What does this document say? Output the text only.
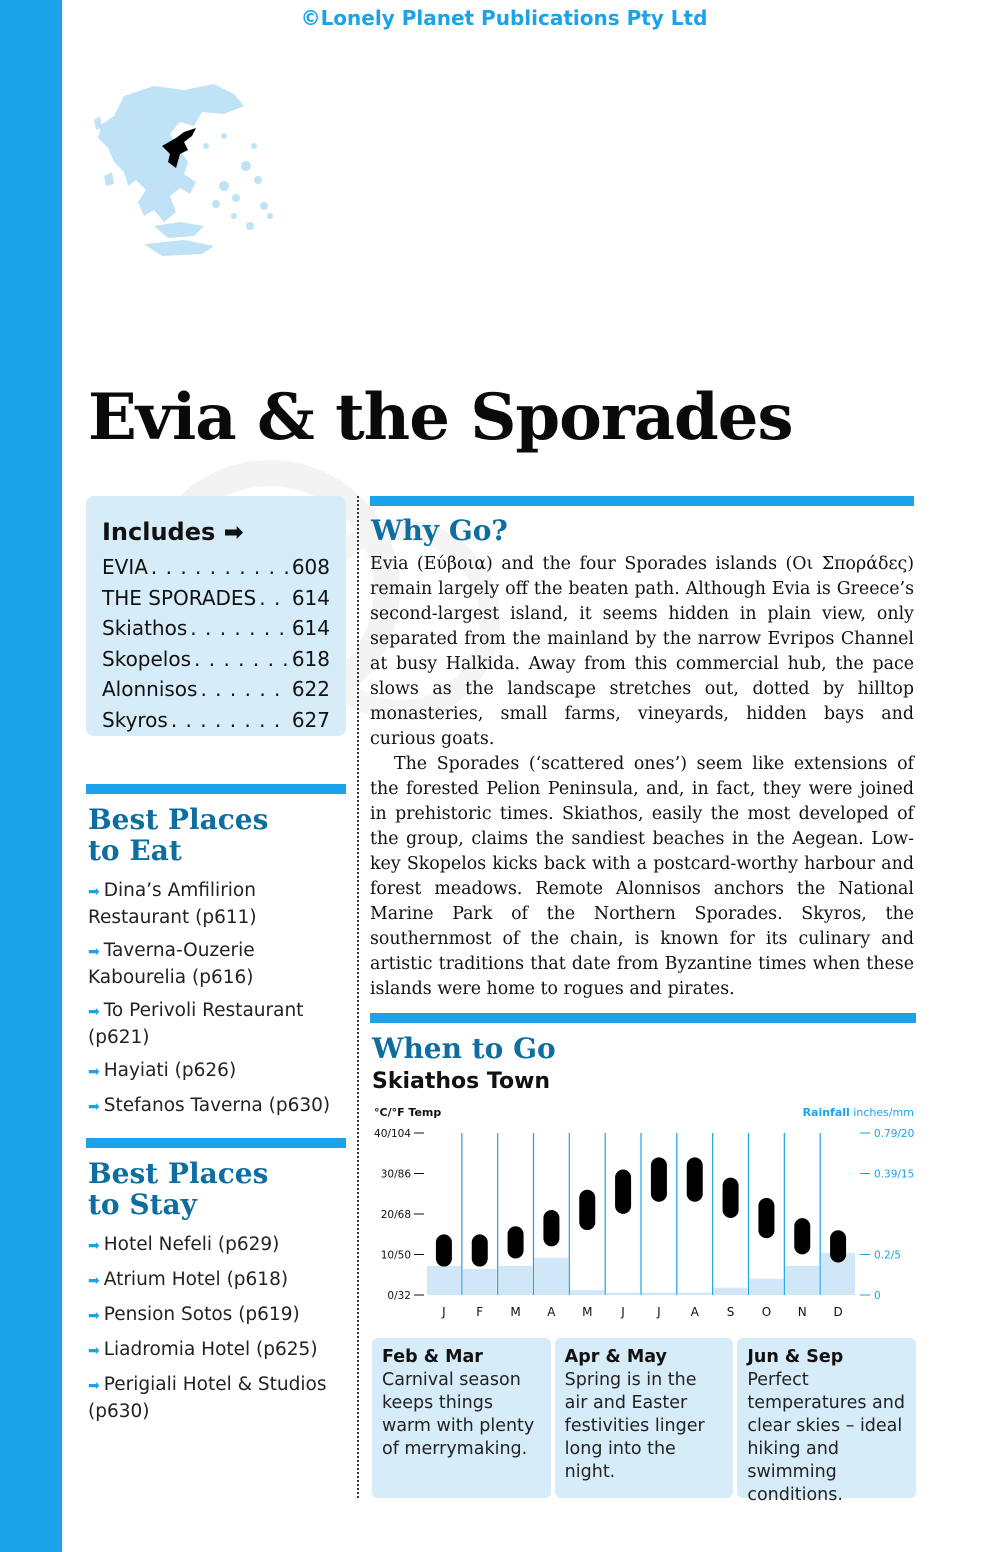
©Lonely Planet Publications Pty Ltd
Evia & the Sporades
Includes ➡
EVIA . . .	608
THE SPORADES . . . 614
Skiathos . . .	614
Skopelos . . .	618
Alonnisos . . .	622
Skyros . . .	627
Best Places
to Eat
➡ Dina’s Amfilirion Restaurant (p611)
➡ Taverna-Ouzerie Kabourelia (p616)
➡ To Perivoli Restaurant (p621)
➡ Hayiati (p626)
➡ Stefanos Taverna (p630)
Best Places
to Stay
➡ Hotel Nefeli (p629)
➡ Atrium Hotel (p618)
➡ Pension Sotos (p619)
➡ Liadromia Hotel (p625)
➡ Perigiali Hotel & Studios (p630)
Why Go?

Evia (Εύβοια) and the four Sporades islands (Οι Σποράδες) remain largely off the beaten path. Although Evia is Greece’s second-largest island, it seems hidden in plain view, only separated from the mainland by the narrow Evripos Channel at busy Halkida. Away from this commercial hub, the pace slows as the landscape stretches out, dotted by hilltop monasteries, small farms, vineyards, hidden bays and curious goats.

The Sporades (‘scattered ones’) seem like extensions of the forested Pelion Peninsula, and, in fact, they were joined in prehistoric times. Skiathos, easily the most developed of the group, claims the sandiest beaches in the Aegean. Low-key Skopelos kicks back with a postcard-worthy harbour and forest meadows. Remote Alonnisos anchors the National Marine Park of the Northern Sporades. Skyros, the southernmost of the chain, is known for its culinary and artistic traditions that date from Byzantine times when these islands were home to rogues and pirates.

When to Go
Skiathos Town
°C/°F Temp	Rainfall inches/mm
0/32
10/50
20/68
30/86
40/104
0
0.2/5
0.39/15
0.79/20
J	F M A M J	J A S O N D
Feb & Mar Carnival season keeps things warm with plenty of merrymaking.
Apr & May Spring is in the air and Easter festivities linger long into the night.
Jun & Sep Perfect temperatures and clear skies – ideal hiking and swimming conditions.
